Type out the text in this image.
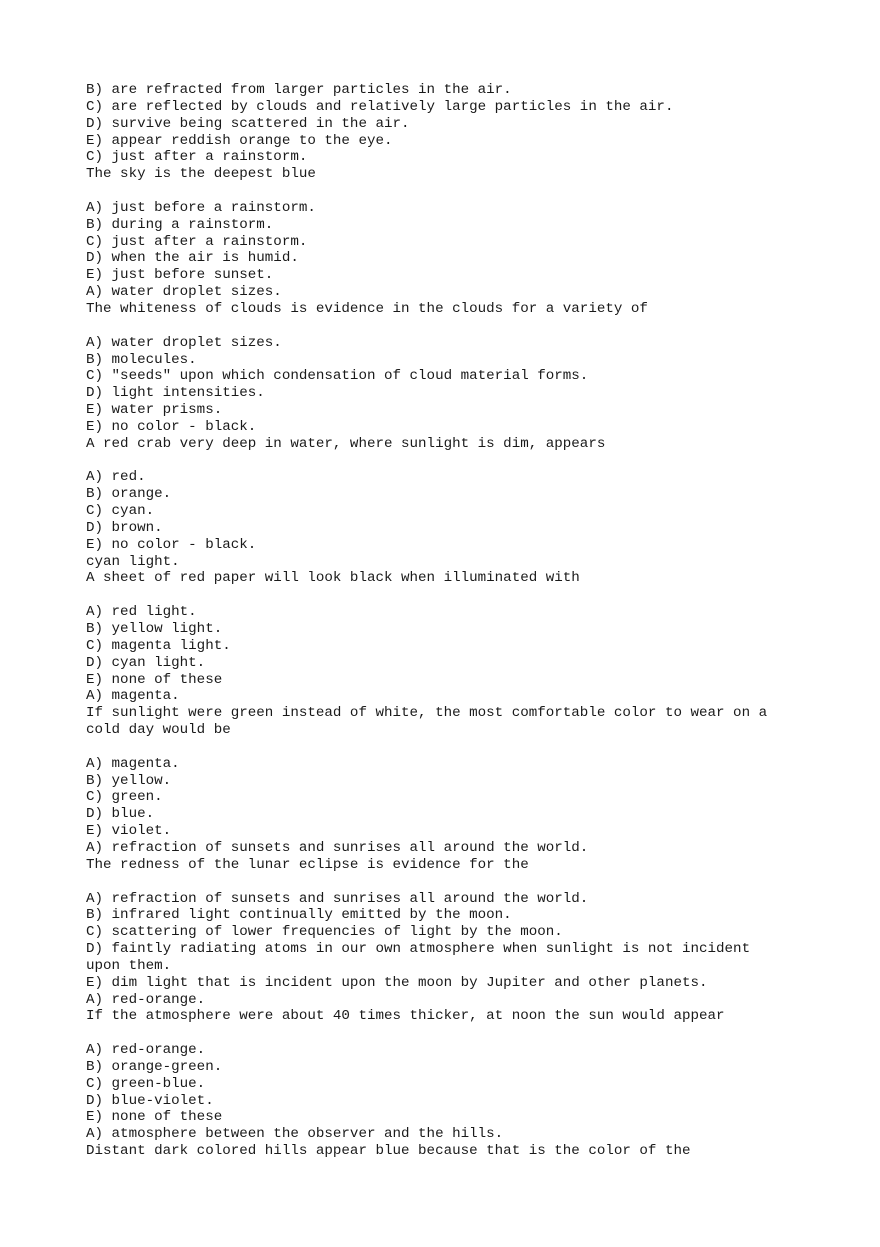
B) are refracted from larger particles in the air.
C) are reflected by clouds and relatively large particles in the air.
D) survive being scattered in the air.
E) appear reddish orange to the eye.
C) just after a rainstorm.
The sky is the deepest blue
A) just before a rainstorm.
B) during a rainstorm.
C) just after a rainstorm.
D) when the air is humid.
E) just before sunset.
A) water droplet sizes.
The whiteness of clouds is evidence in the clouds for a variety of
A) water droplet sizes.
B) molecules.
C) "seeds" upon which condensation of cloud material forms.
D) light intensities.
E) water prisms.
E) no color - black.
A red crab very deep in water, where sunlight is dim, appears
A) red.
B) orange.
C) cyan.
D) brown.
E) no color - black.
cyan light.
A sheet of red paper will look black when illuminated with
A) red light.
B) yellow light.
C) magenta light.
D) cyan light.
E) none of these
A) magenta.
If sunlight were green instead of white, the most comfortable color to wear on a
cold day would be
A) magenta.
B) yellow.
C) green.
D) blue.
E) violet.
A) refraction of sunsets and sunrises all around the world.
The redness of the lunar eclipse is evidence for the
A) refraction of sunsets and sunrises all around the world.
B) infrared light continually emitted by the moon.
C) scattering of lower frequencies of light by the moon.
D) faintly radiating atoms in our own atmosphere when sunlight is not incident
upon them.
E) dim light that is incident upon the moon by Jupiter and other planets.
A) red-orange.
If the atmosphere were about 40 times thicker, at noon the sun would appear
A) red-orange.
B) orange-green.
C) green-blue.
D) blue-violet.
E) none of these
A) atmosphere between the observer and the hills.
Distant dark colored hills appear blue because that is the color of the
